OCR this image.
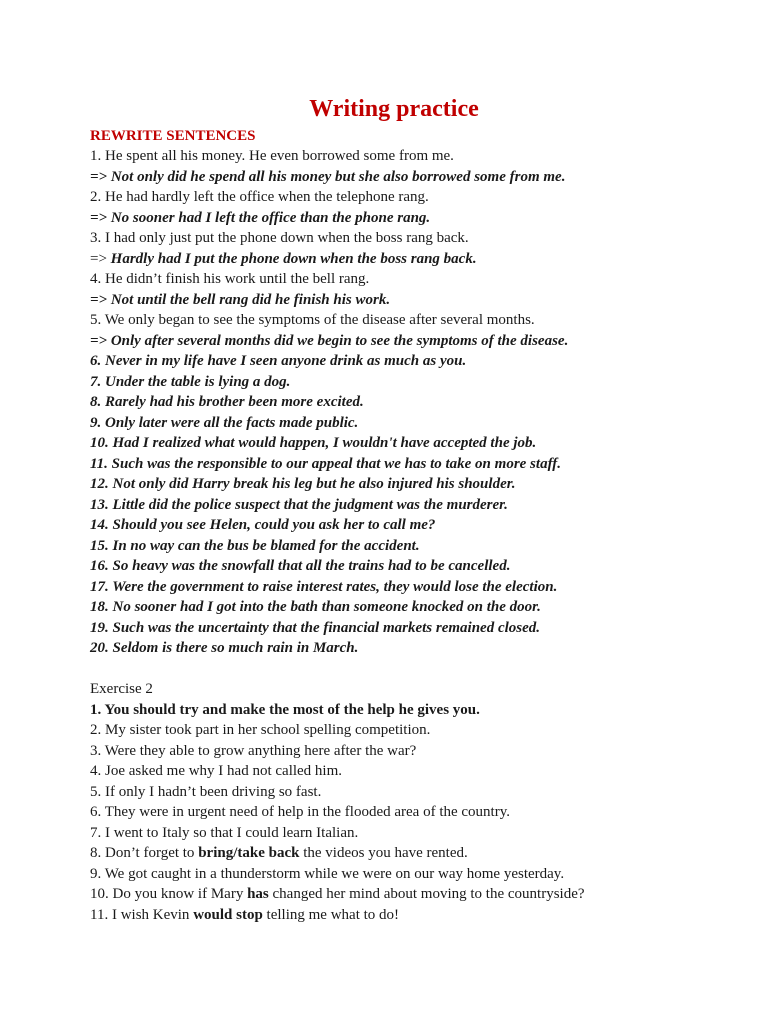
Writing practice
REWRITE SENTENCES
1. He spent all his money. He even borrowed some from me.
=> Not only did he spend all his money but she also borrowed some from me.
2. He had hardly left the office when the telephone rang.
=> No sooner had I left the office than the phone rang.
3. I had only just put the phone down when the boss rang back.
=> Hardly had I put the phone down when the boss rang back.
4. He didn’t finish his work until the bell rang.
=> Not until the bell rang did he finish his work.
5. We only began to see the symptoms of the disease after several months.
=> Only after several months did we begin to see the symptoms of the disease.
6. Never in my life have I seen anyone drink as much as you.
7. Under the table is lying a dog.
8. Rarely had his brother been more excited.
9. Only later were all the facts made public.
10. Had I realized what would happen, I wouldn't have accepted the job.
11. Such was the responsible to our appeal that we has to take on more staff.
12. Not only did Harry break his leg but he also injured his shoulder.
13. Little did the police suspect that the judgment was the murderer.
14. Should you see Helen, could you ask her to call me?
15. In no way can the bus be blamed for the accident.
16. So heavy was the snowfall that all the trains had to be cancelled.
17. Were the government to raise interest rates, they would lose the election.
18. No sooner had I got into the bath than someone knocked on the door.
19. Such was the uncertainty that the financial markets remained closed.
20. Seldom is there so much rain in March.
Exercise 2
1. You should try and make the most of the help he gives you.
2. My sister took part in her school spelling competition.
3. Were they able to grow anything here after the war?
4. Joe asked me why I had not called him.
5. If only I hadn’t been driving so fast.
6. They were in urgent need of help in the flooded area of the country.
7. I went to Italy so that I could learn Italian.
8. Don’t forget to bring/take back the videos you have rented.
9. We got caught in a thunderstorm while we were on our way home yesterday.
10. Do you know if Mary has changed her mind about moving to the countryside?
11. I wish Kevin would stop telling me what to do!
